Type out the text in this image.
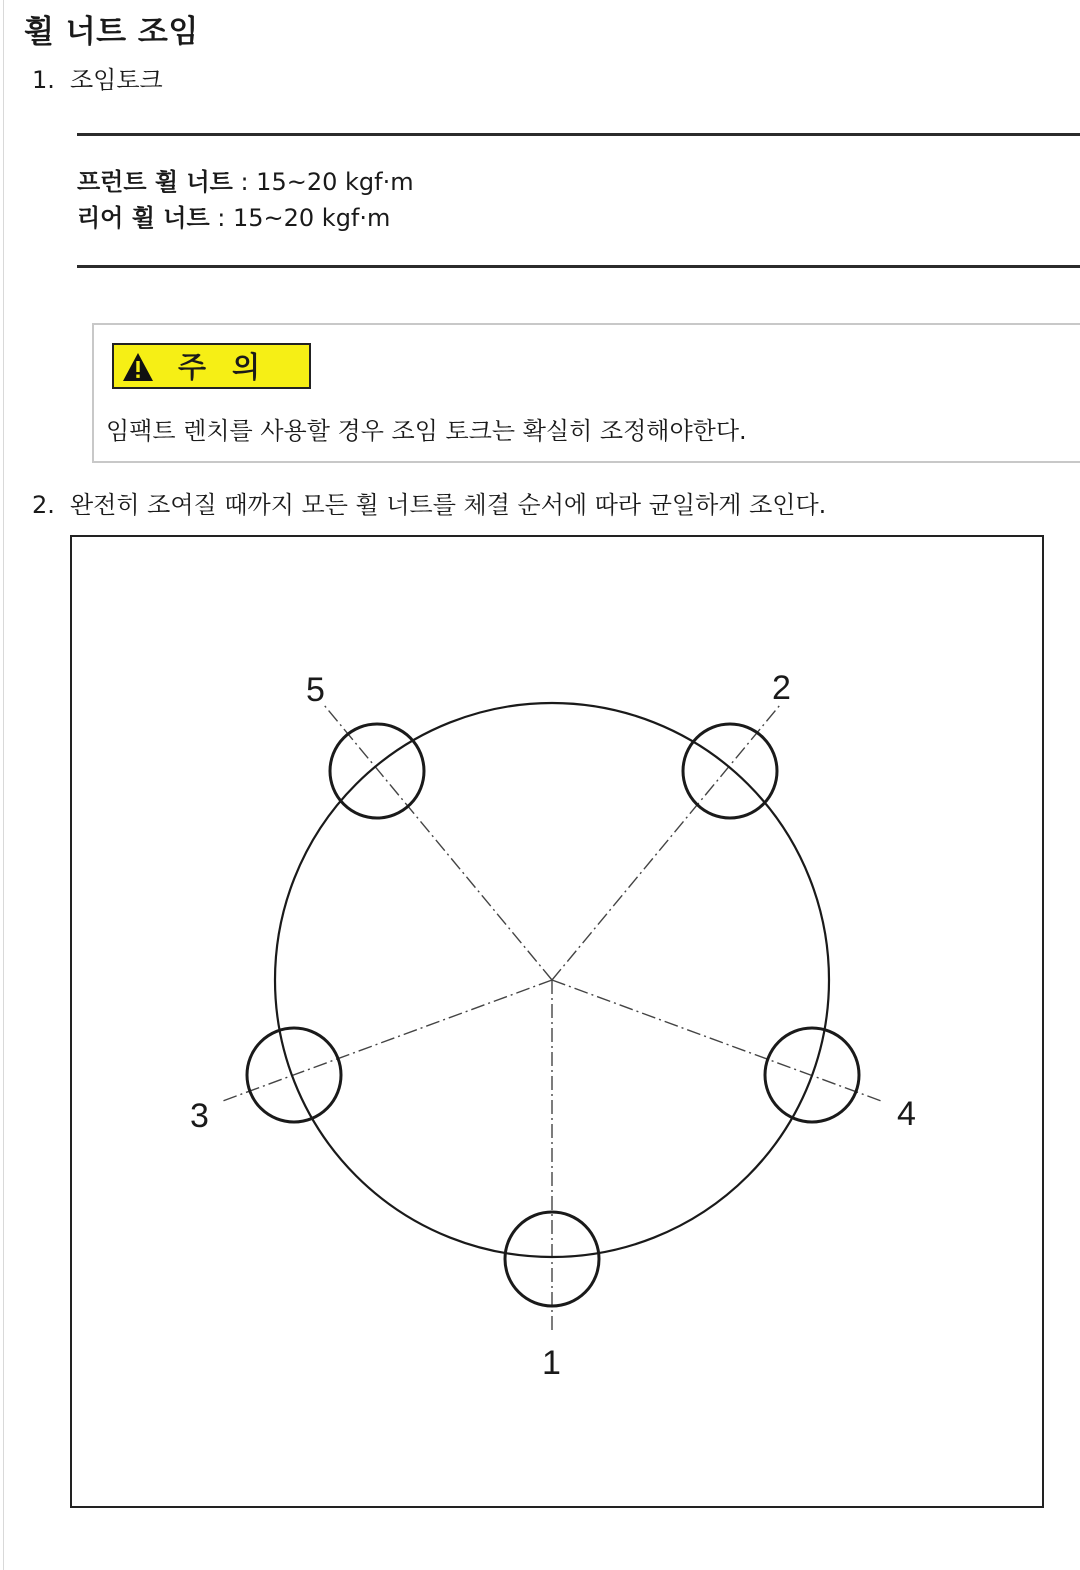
휠 너트 조임
1. 조임토크
프런트 휠 너트 : 15~20 kgf·m
리어 휠 너트 : 15~20 kgf·m
주의
임팩트 렌치를 사용할 경우 조임 토크는 확실히 조정해야한다.
2. 완전히 조여질 때까지 모든 휠 너트를 체결 순서에 따라 균일하게 조인다.
1
2
3	4
5
